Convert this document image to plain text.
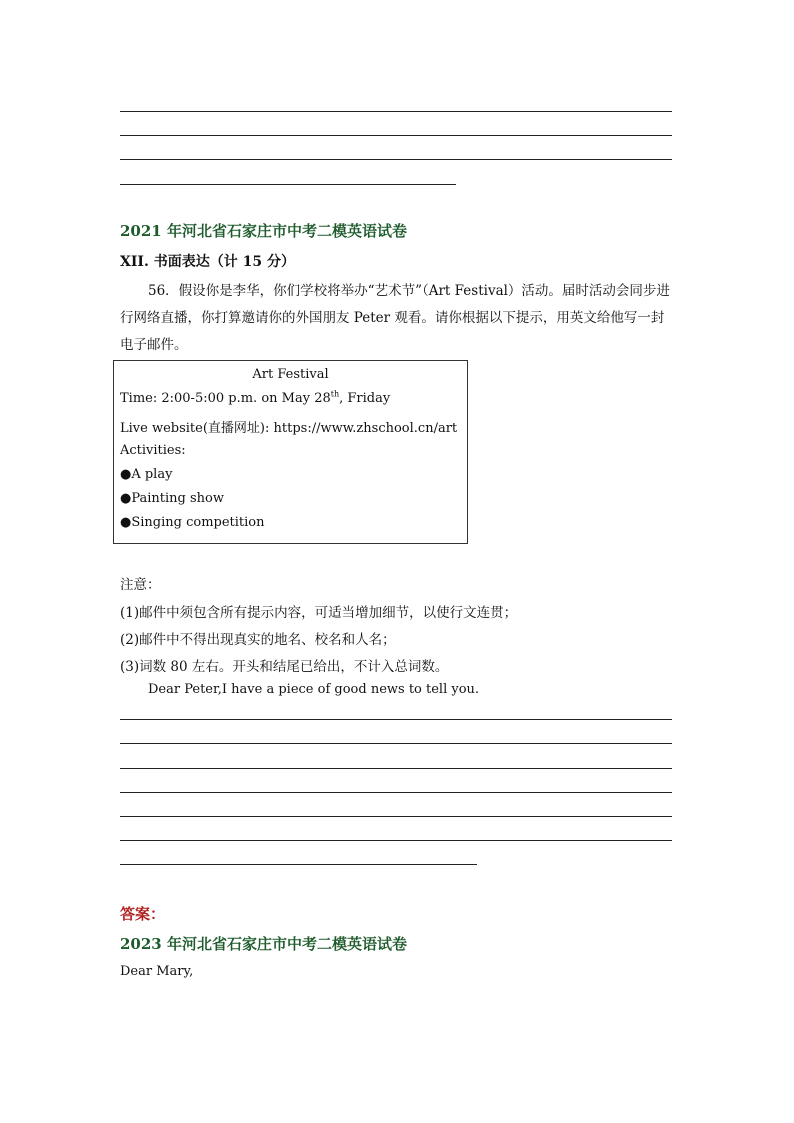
2021 年河北省石家庄市中考二模英语试卷
XII. 书面表达（计 15 分）
56．假设你是李华，你们学校将举办“艺术节”（Art Festival）活动。届时活动会同步进
行网络直播，你打算邀请你的外国朋友 Peter 观看。请你根据以下提示，用英文给他写一封
电子邮件。
Art Festival
Time: 2:00-5:00 p.m. on May 28th, Friday
Live website(直播网址): https://www.zhschool.cn/art
Activities:
●A play
●Painting show
●Singing competition
注意：
(1)邮件中须包含所有提示内容，可适当增加细节，以使行文连贯；
(2)邮件中不得出现真实的地名、校名和人名；
(3)词数 80 左右。开头和结尾已给出，不计入总词数。
Dear Peter,I have a piece of good news to tell you.
答案：
2023 年河北省石家庄市中考二模英语试卷
Dear Mary,
